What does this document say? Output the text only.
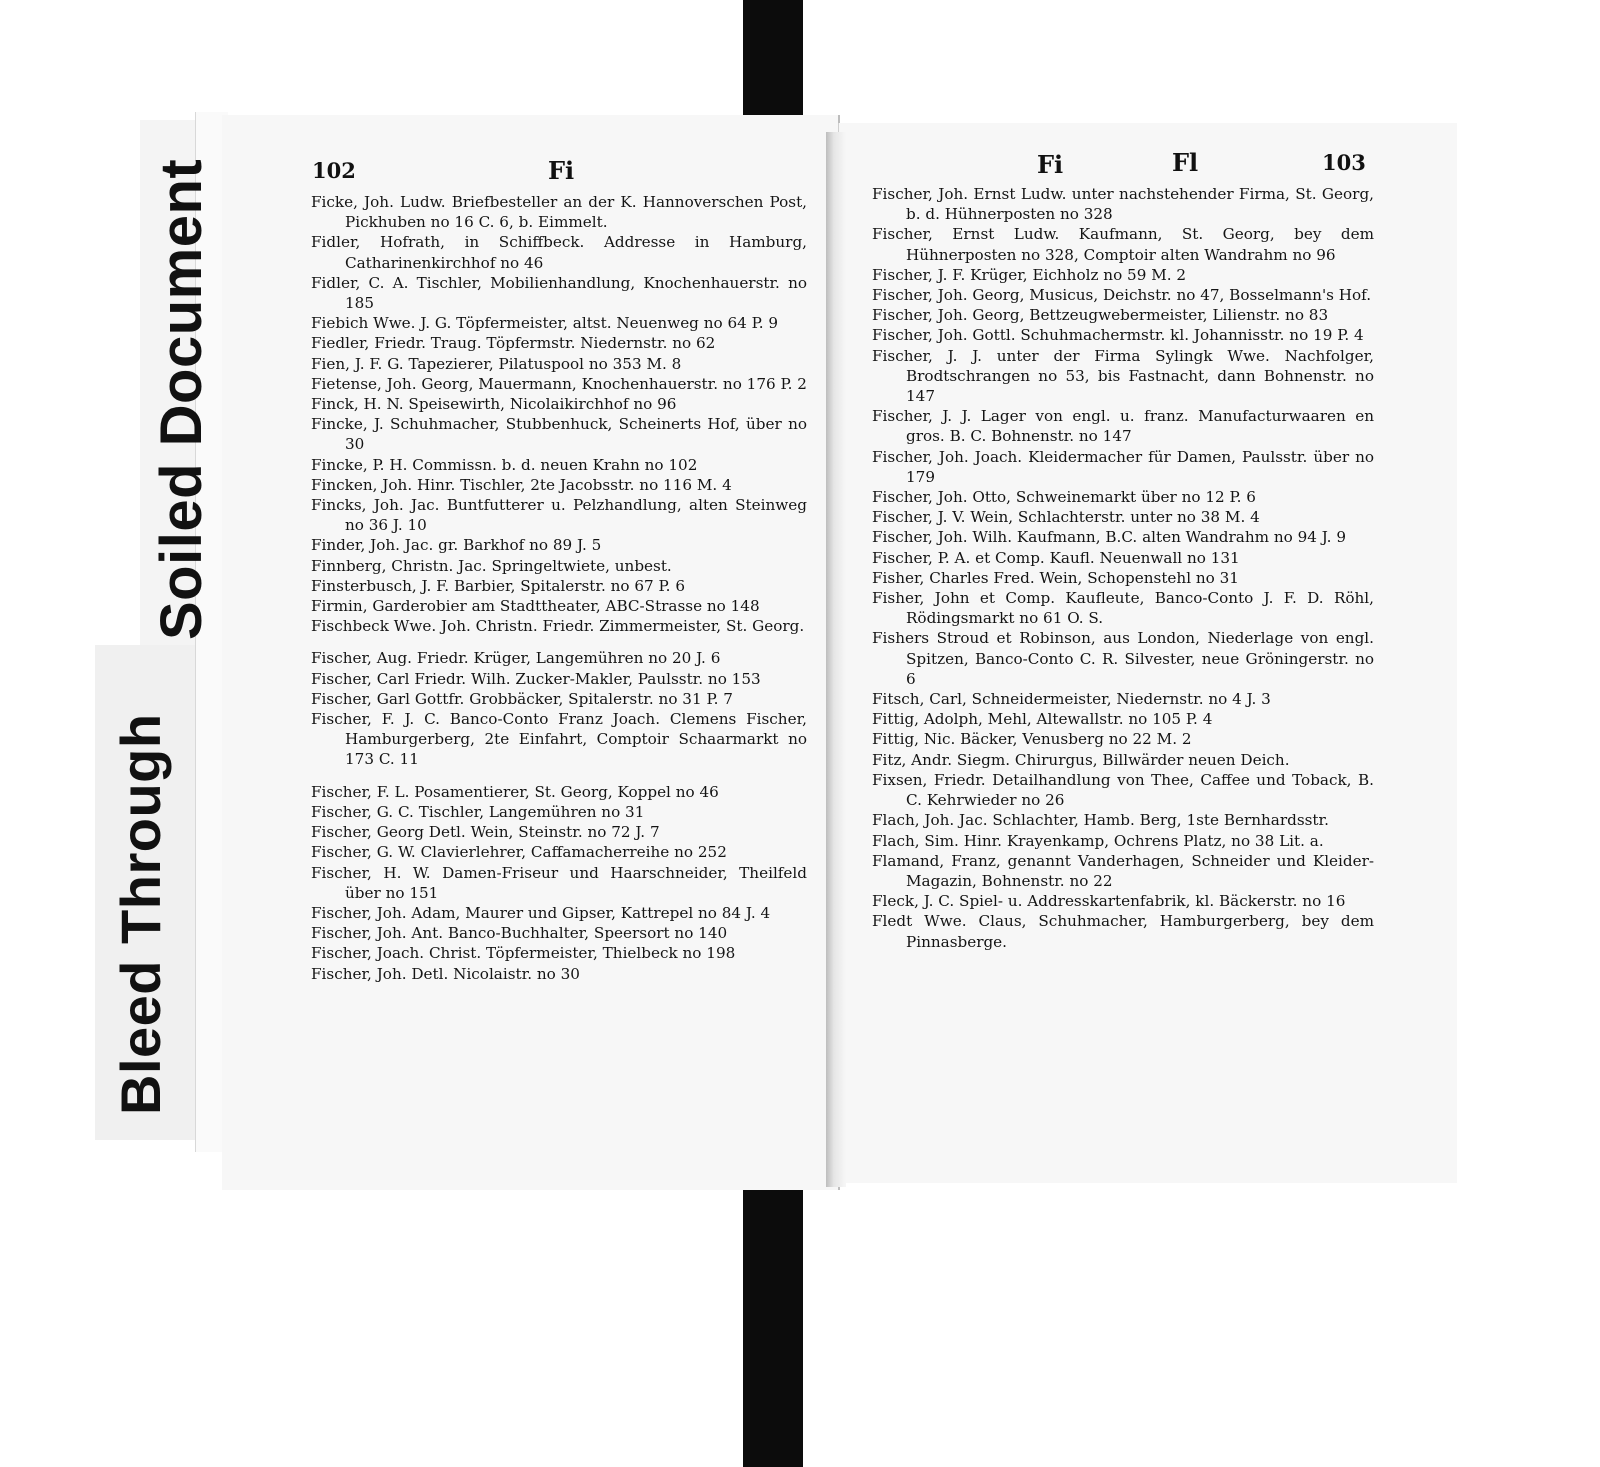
Bleed Through
Soiled Document	102	Fi	Fi	Fl	103
Ficke, Joh. Ludw. Briefbesteller an der K. Hannoverschen Post, Pickhuben no 16 C. 6, b. Eimmelt.
Fidler, Hofrath, in Schiffbeck. Addresse in Hamburg, Catharinenkirchhof no 46
Fidler, C. A. Tischler, Mobilienhandlung, Knochenhauerstr. no 185
Fiebich Wwe. J. G. Töpfermeister, altst. Neuenweg no 64 P. 9
Fiedler, Friedr. Traug. Töpfermstr. Niedernstr. no 62
Fien, J. F. G. Tapezierer, Pilatuspool no 353 M. 8
Fietense, Joh. Georg, Mauermann, Knochenhauerstr. no 176 P. 2
Finck, H. N. Speisewirth, Nicolaikirchhof no 96
Fincke, J. Schuhmacher, Stubbenhuck, Scheinerts Hof, über no 30
Fincke, P. H. Commissn. b. d. neuen Krahn no 102
Fincken, Joh. Hinr. Tischler, 2te Jacobsstr. no 116 M. 4
Fincks, Joh. Jac. Buntfutterer u. Pelzhandlung, alten Steinweg no 36 J. 10
Finder, Joh. Jac. gr. Barkhof no 89 J. 5
Finnberg, Christn. Jac. Springeltwiete, unbest.
Finsterbusch, J. F. Barbier, Spitalerstr. no 67 P. 6
Firmin, Garderobier am Stadttheater, ABC-Strasse no 148
Fischbeck Wwe. Joh. Christn. Friedr. Zimmermeister, St. Georg.
Fischer, Aug. Friedr. Krüger, Langemühren no 20 J. 6
Fischer, Carl Friedr. Wilh. Zucker-Makler, Paulsstr. no 153
Fischer, Garl Gottfr. Grobbäcker, Spitalerstr. no 31 P. 7
Fischer, F. J. C. Banco-Conto Franz Joach. Clemens Fischer, Hamburgerberg, 2te Einfahrt, Comptoir Schaarmarkt no 173 C. 11
Fischer, F. L. Posamentierer, St. Georg, Koppel no 46
Fischer, G. C. Tischler, Langemühren no 31
Fischer, Georg Detl. Wein, Steinstr. no 72 J. 7
Fischer, G. W. Clavierlehrer, Caffamacherreihe no 252
Fischer, H. W. Damen-Friseur und Haarschneider, Theilfeld über no 151
Fischer, Joh. Adam, Maurer und Gipser, Kattrepel no 84 J. 4
Fischer, Joh. Ant. Banco-Buchhalter, Speersort no 140
Fischer, Joach. Christ. Töpfermeister, Thielbeck no 198
Fischer, Joh. Detl. Nicolaistr. no 30
Fischer, Joh. Ernst Ludw. unter nachstehender Firma, St. Georg, b. d. Hühnerposten no 328
Fischer, Ernst Ludw. Kaufmann, St. Georg, bey dem Hühnerposten no 328, Comptoir alten Wandrahm no 96
Fischer, J. F. Krüger, Eichholz no 59 M. 2
Fischer, Joh. Georg, Musicus, Deichstr. no 47, Bosselmann's Hof.
Fischer, Joh. Georg, Bettzeugwebermeister, Lilienstr. no 83
Fischer, Joh. Gottl. Schuhmachermstr. kl. Johannisstr. no 19 P. 4
Fischer, J. J. unter der Firma Sylingk Wwe. Nachfolger, Brodtschrangen no 53, bis Fastnacht, dann Bohnenstr. no 147
Fischer, J. J. Lager von engl. u. franz. Manufacturwaaren en gros. B. C. Bohnenstr. no 147
Fischer, Joh. Joach. Kleidermacher für Damen, Paulsstr. über no 179
Fischer, Joh. Otto, Schweinemarkt über no 12 P. 6
Fischer, J. V. Wein, Schlachterstr. unter no 38 M. 4
Fischer, Joh. Wilh. Kaufmann, B.C. alten Wandrahm no 94 J. 9
Fischer, P. A. et Comp. Kaufl. Neuenwall no 131
Fisher, Charles Fred. Wein, Schopenstehl no 31
Fisher, John et Comp. Kaufleute, Banco-Conto J. F. D. Röhl, Rödingsmarkt no 61 O. S.
Fishers Stroud et Robinson, aus London, Niederlage von engl. Spitzen, Banco-Conto C. R. Silvester, neue Gröningerstr. no 6
Fitsch, Carl, Schneidermeister, Niedernstr. no 4 J. 3
Fittig, Adolph, Mehl, Altewallstr. no 105 P. 4
Fittig, Nic. Bäcker, Venusberg no 22 M. 2
Fitz, Andr. Siegm. Chirurgus, Billwärder neuen Deich.
Fixsen, Friedr. Detailhandlung von Thee, Caffee und Toback, B. C. Kehrwieder no 26
Flach, Joh. Jac. Schlachter, Hamb. Berg, 1ste Bernhardsstr.
Flach, Sim. Hinr. Krayenkamp, Ochrens Platz, no 38 Lit. a.
Flamand, Franz, genannt Vanderhagen, Schneider und Kleider-Magazin, Bohnenstr. no 22
Fleck, J. C. Spiel- u. Addresskartenfabrik, kl. Bäckerstr. no 16
Fledt Wwe. Claus, Schuhmacher, Hamburgerberg, bey dem Pinnasberge.
